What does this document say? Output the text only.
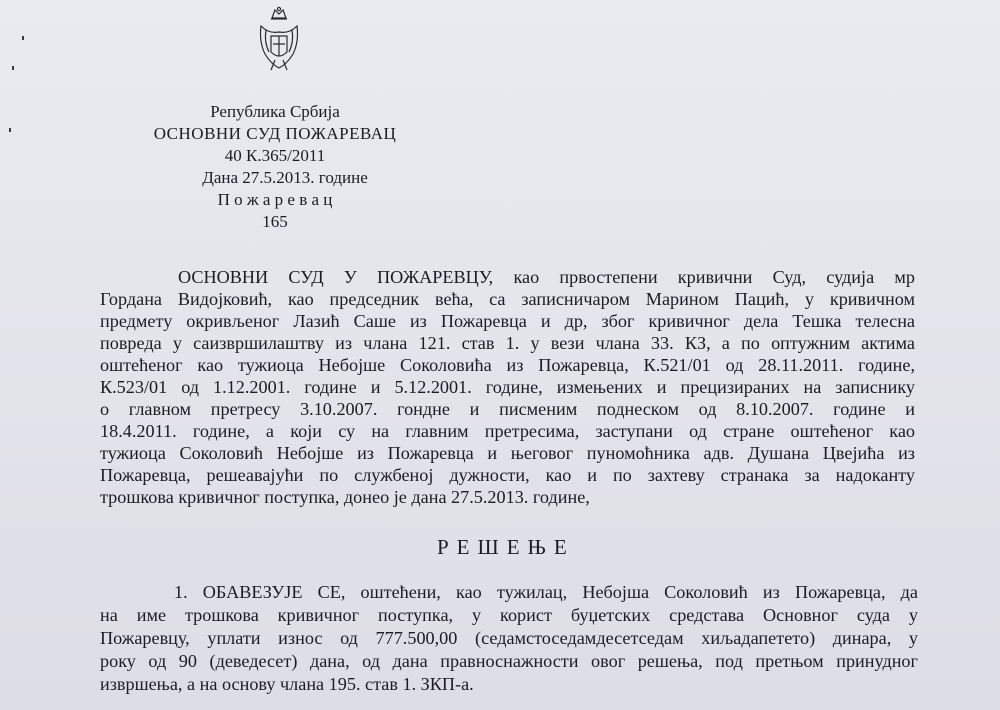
Република Србија
ОСНОВНИ СУД ПОЖАРЕВАЦ
40 К.365/2011
Дана 27.5.2013. године
П о ж а р е в а ц
165
ОСНОВНИ СУД У ПОЖАРЕВЦУ, као првостепени кривични Суд, судија мр
Гордана Видојковић, као председник већа, са записничаром Марином Пацић, у кривичном
предмету окривљеног Лазић Саше из Пожаревца и др, због кривичног дела Тешка телесна
повреда у саизвршилаштву из члана 121. став 1. у вези члана 33. КЗ, а по оптужним актима
оштећеног као тужиоца Небојше Соколовића из Пожаревца, К.521/01 од 28.11.2011. године,
К.523/01 од 1.12.2001. године и 5.12.2001. године, измењених и прецизираних на записнику
о главном претресу 3.10.2007. гондне и писменим поднеском од 8.10.2007. године и
18.4.2011. године, а који су на главним претресима, заступани од стране оштећеног као
тужиоца Соколовић Небојше из Пожаревца и његовог пуномоћника адв. Душана Цвејића из
Пожаревца, решеавајући по службеној дужности, као и по захтеву странака за надоканту
трошкова кривичног поступка, донео је дана 27.5.2013. године,
РЕШЕЊЕ
1. ОБАВЕЗУЈЕ СЕ, оштећени, као тужилац, Небојша Соколовић из Пожаревца, да
на име трошкова кривичног поступка, у корист буџетских средстава Основног суда у
Пожаревцу, уплати износ од 777.500,00 (седамстоседамдесетседам хиљадапетето) динара, у
року од 90 (деведесет) дана, од дана правноснажности овог решења, под претњом принудног
извршења, а на основу члана 195. став 1. ЗКП-а.
